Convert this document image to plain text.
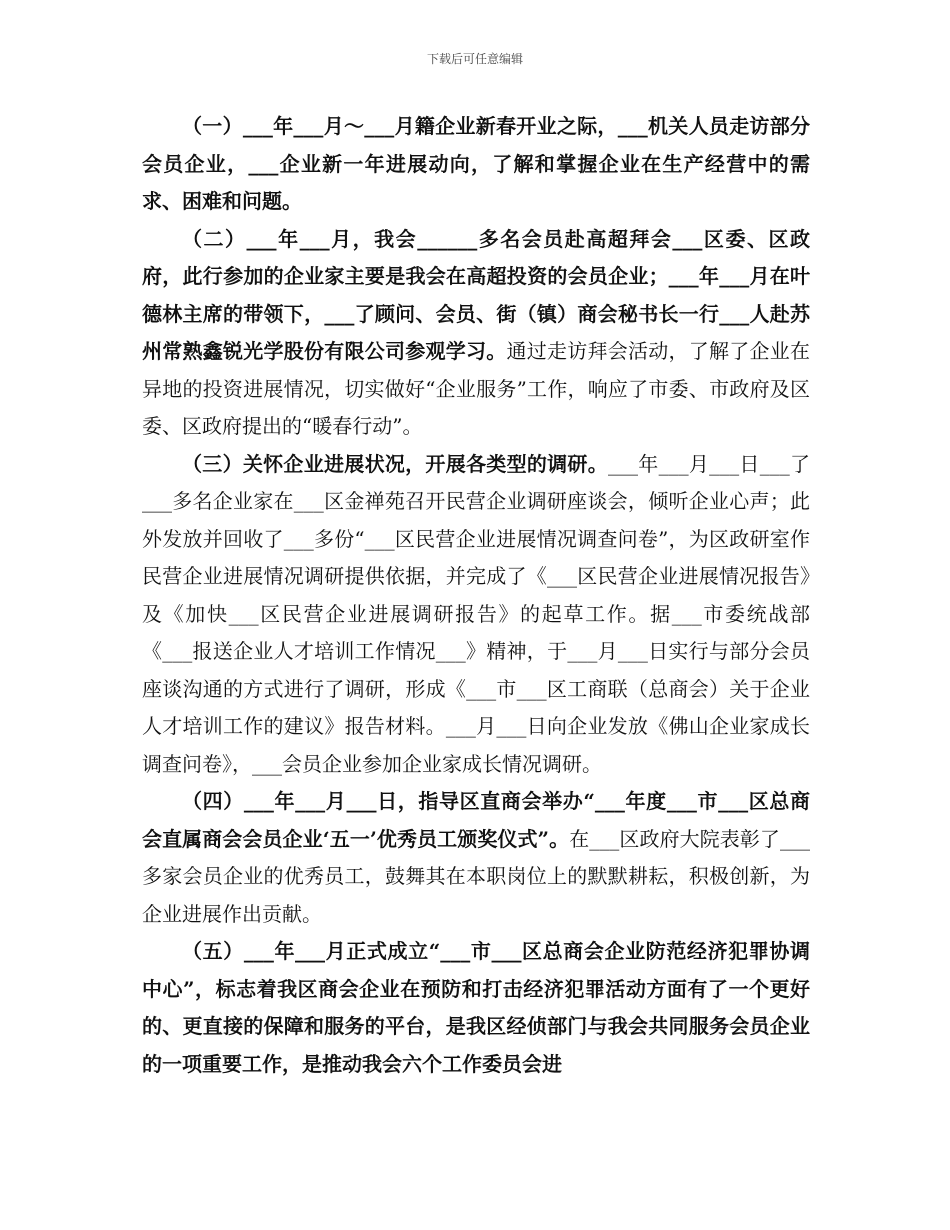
下载后可任意编辑

（一）___年___月～___月籍企业新春开业之际，___机关人员走访部分会员企业，___企业新一年进展动向，了解和掌握企业在生产经营中的需求、困难和问题。

（二）___年___月，我会______多名会员赴高超拜会___区委、区政府，此行参加的企业家主要是我会在高超投资的会员企业；___年___月在叶德林主席的带领下，___了顾问、会员、街（镇）商会秘书长一行___人赴苏州常熟鑫锐光学股份有限公司参观学习。通过走访拜会活动，了解了企业在异地的投资进展情况，切实做好“企业服务”工作，响应了市委、市政府及区委、区政府提出的“暖春行动”。

（三）关怀企业进展状况，开展各类型的调研。___年___月___日___了___多名企业家在___区金禅苑召开民营企业调研座谈会，倾听企业心声；此外发放并回收了___多份“___区民营企业进展情况调查问卷”，为区政研室作民营企业进展情况调研提供依据，并完成了《___区民营企业进展情况报告》及《加快___区民营企业进展调研报告》的起草工作。据___市委统战部《___报送企业人才培训工作情况___》精神，于___月___日实行与部分会员座谈沟通的方式进行了调研，形成《___市___区工商联（总商会）关于企业人才培训工作的建议》报告材料。___月___日向企业发放《佛山企业家成长调查问卷》，___会员企业参加企业家成长情况调研。

（四）___年___月___日，指导区直商会举办“___年度___市___区总商会直属商会会员企业‘五一’优秀员工颁奖仪式”。在___区政府大院表彰了___多家会员企业的优秀员工，鼓舞其在本职岗位上的默默耕耘，积极创新，为企业进展作出贡献。

（五）___年___月正式成立“___市___区总商会企业防范经济犯罪协调中心”，标志着我区商会企业在预防和打击经济犯罪活动方面有了一个更好的、更直接的保障和服务的平台，是我区经侦部门与我会共同服务会员企业的一项重要工作，是推动我会六个工作委员会进
